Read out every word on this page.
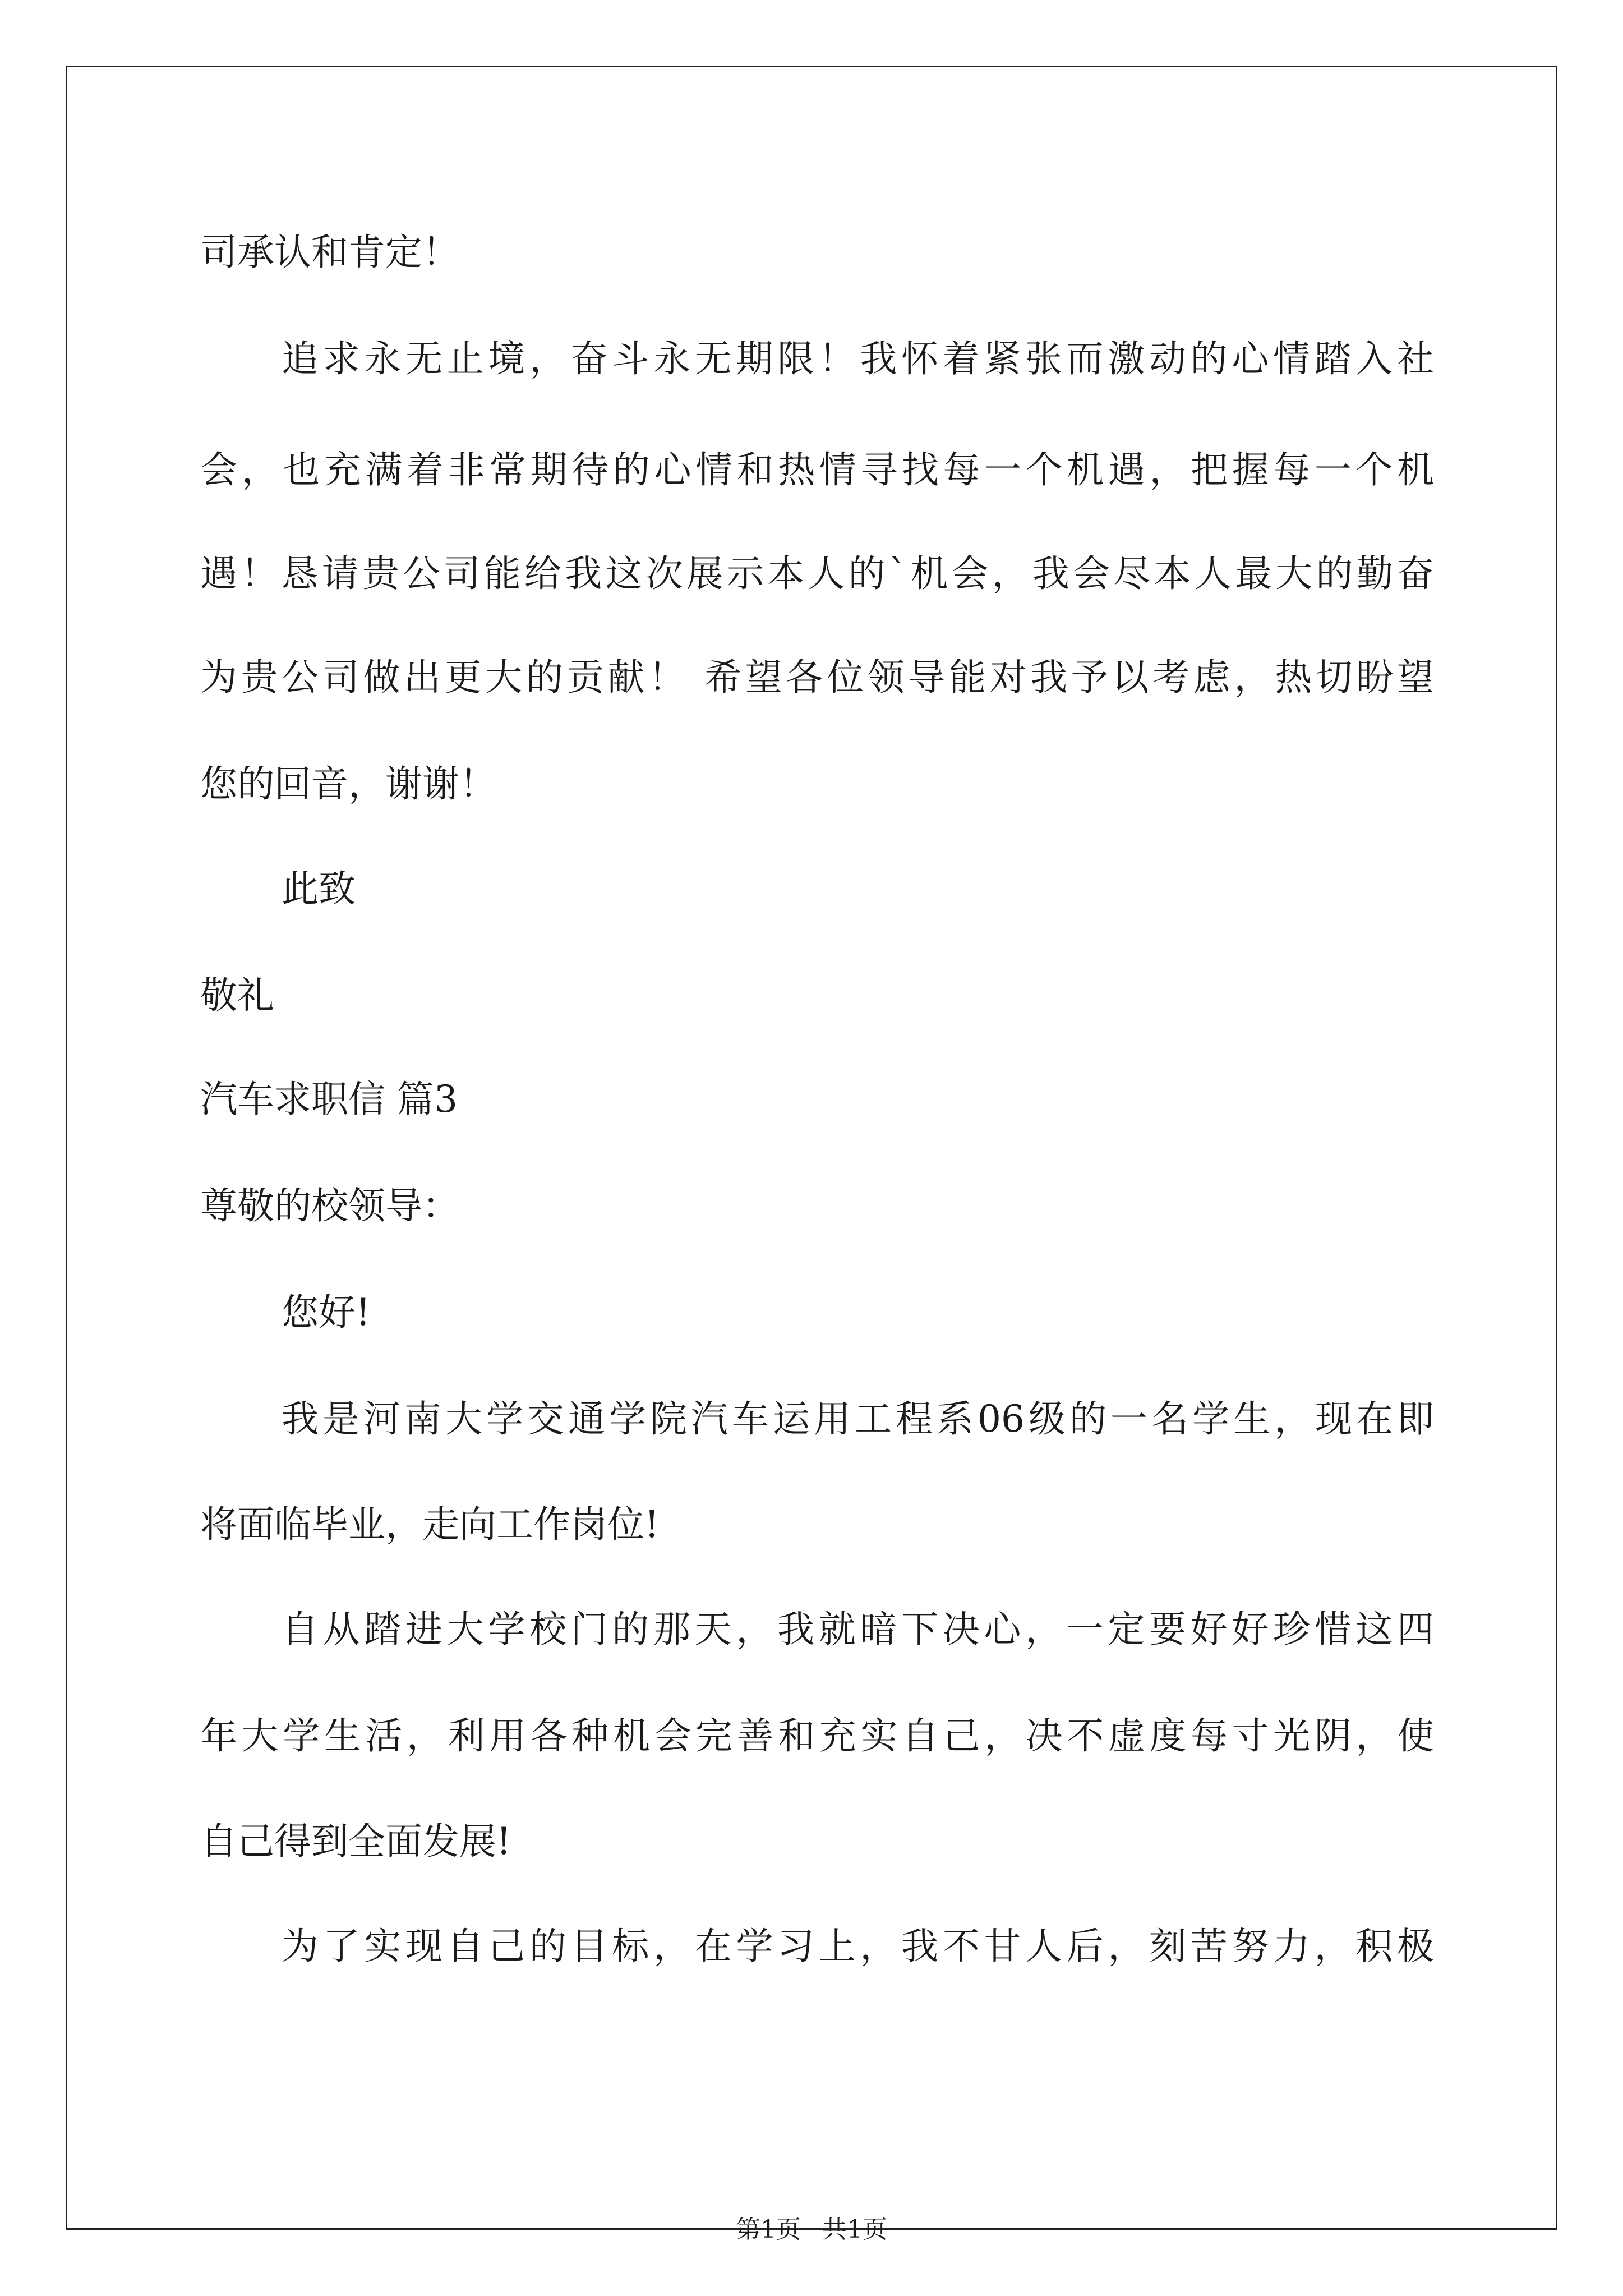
司承认和肯定！
追求永无止境，奋斗永无期限！我怀着紧张而激动的心情踏入社
会，也充满着非常期待的心情和热情寻找每一个机遇，把握每一个机
遇！恳请贵公司能给我这次展示本人的`机会，我会尽本人最大的勤奋
为贵公司做出更大的贡献！ 希望各位领导能对我予以考虑，热切盼望
您的回音，谢谢！
此致
敬礼
汽车求职信 篇3
尊敬的校领导：
您好!
我是河南大学交通学院汽车运用工程系06级的一名学生，现在即
将面临毕业，走向工作岗位!
自从踏进大学校门的那天，我就暗下决心，一定要好好珍惜这四
年大学生活，利用各种机会完善和充实自己，决不虚度每寸光阴，使
自己得到全面发展!
为了实现自己的目标，在学习上，我不甘人后，刻苦努力，积极
第1页 共1页
